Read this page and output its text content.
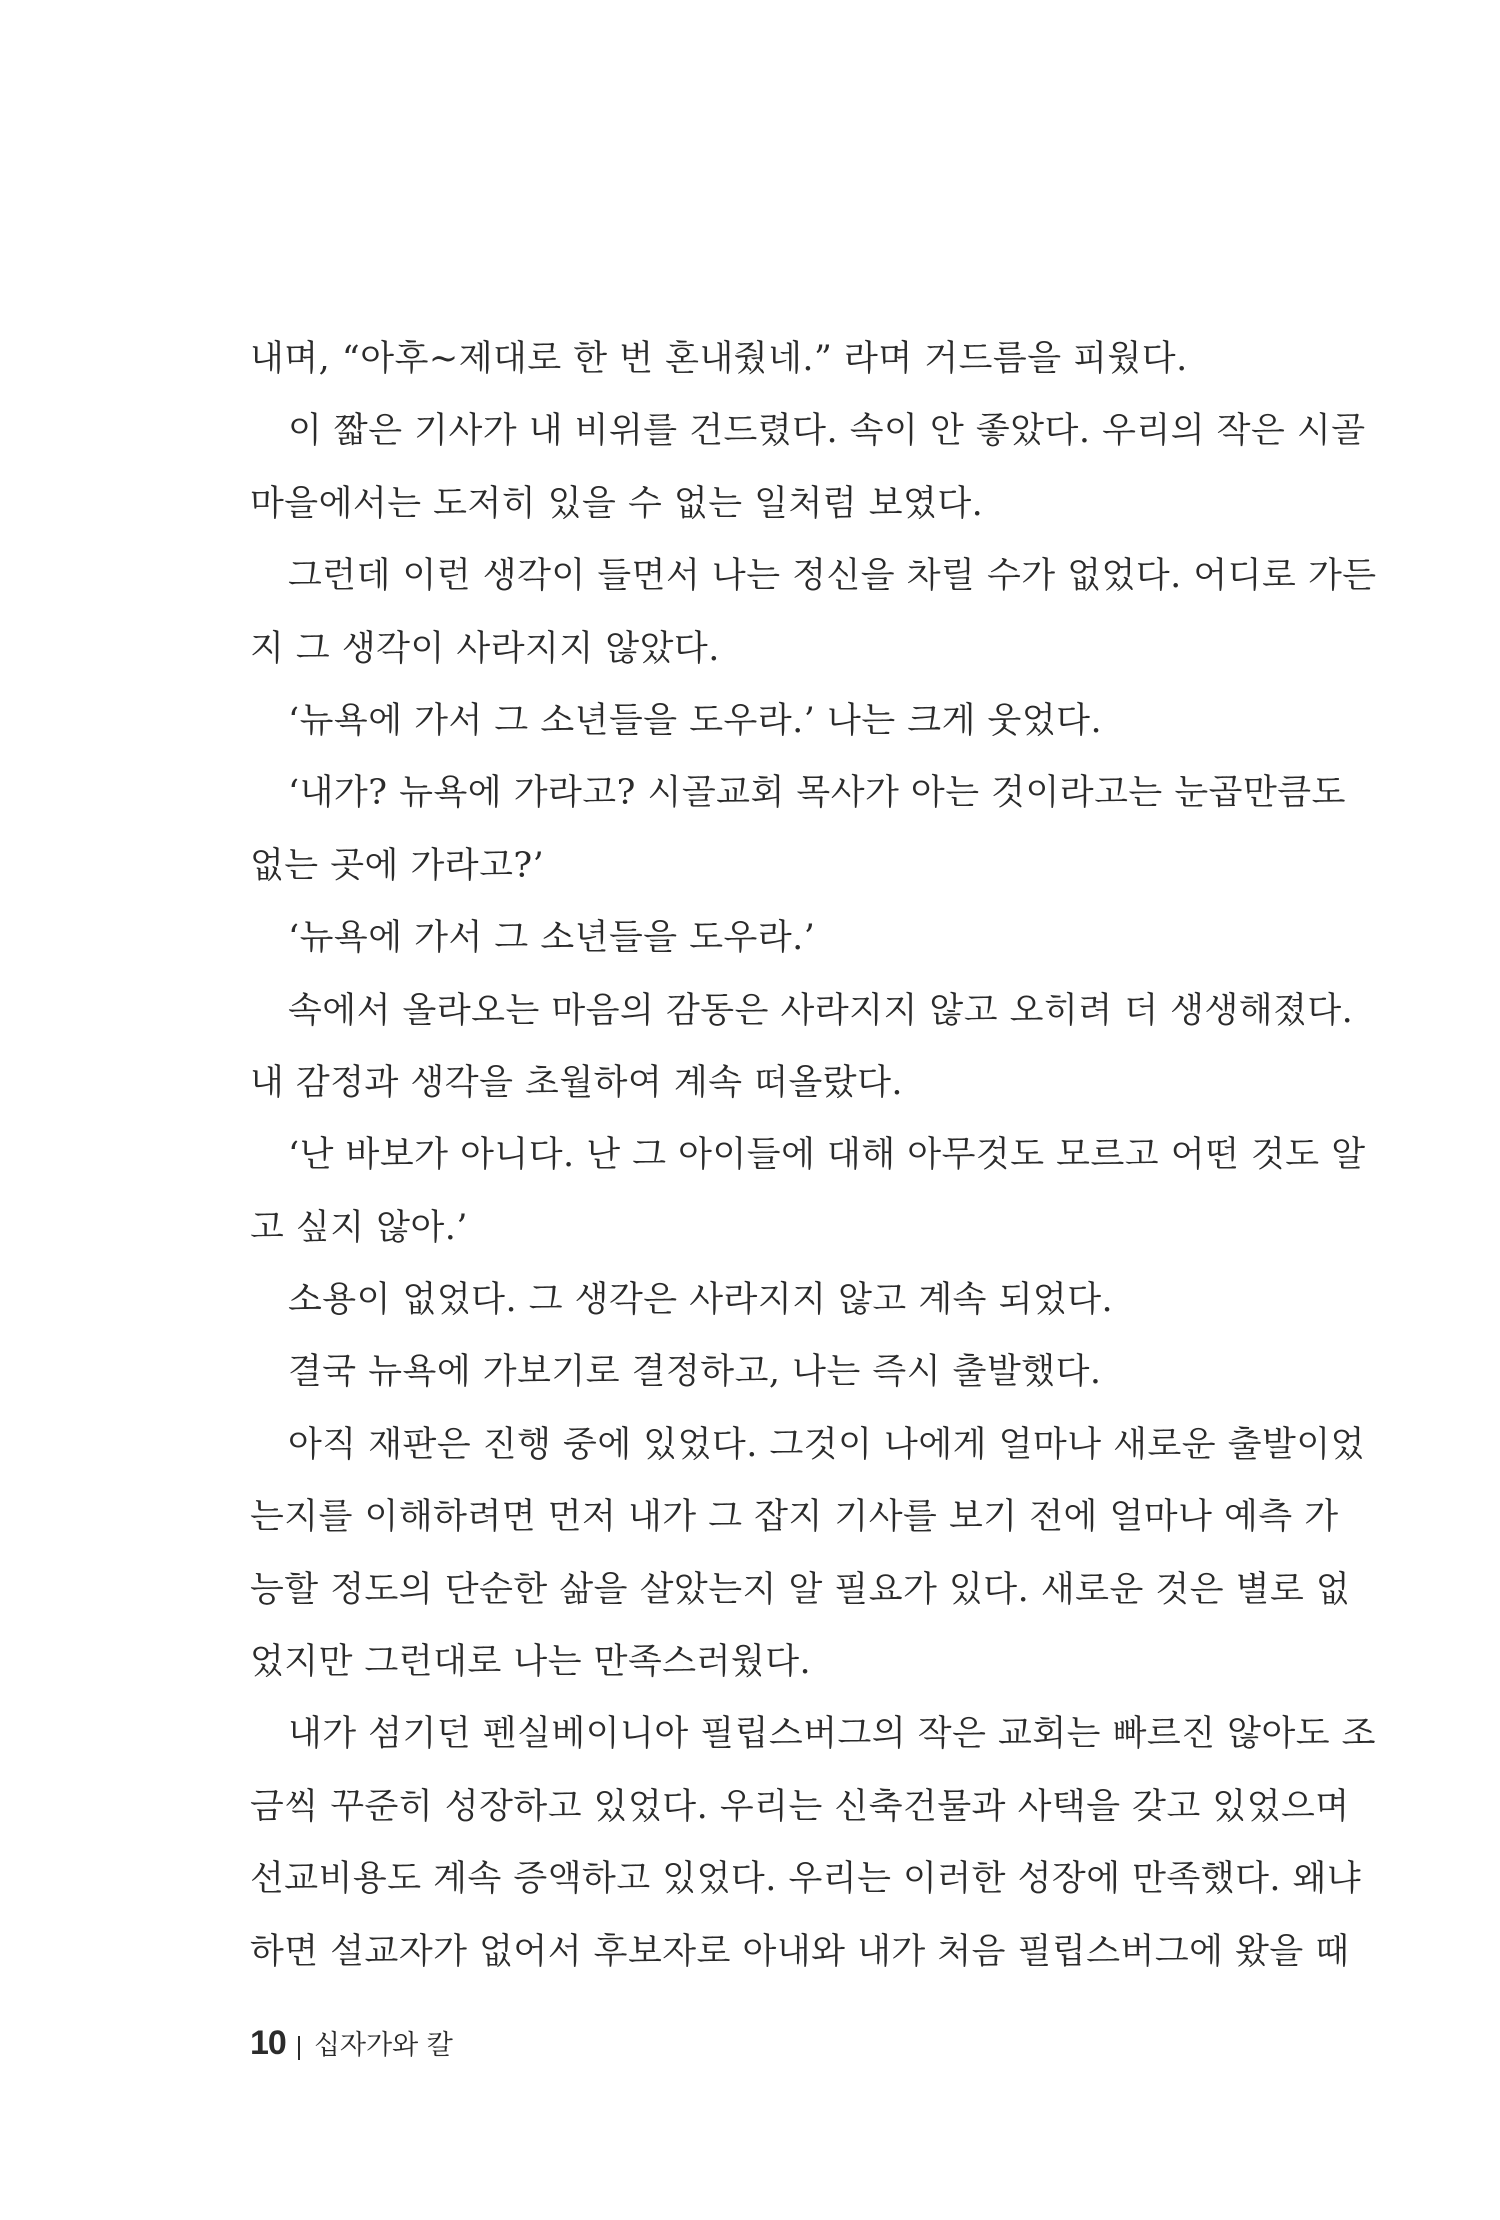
내며, “아후~제대로 한 번 혼내줬네.” 라며 거드름을 피웠다.
이 짧은 기사가 내 비위를 건드렸다. 속이 안 좋았다. 우리의 작은 시골
마을에서는 도저히 있을 수 없는 일처럼 보였다.
그런데 이런 생각이 들면서 나는 정신을 차릴 수가 없었다. 어디로 가든
지 그 생각이 사라지지 않았다.
‘뉴욕에 가서 그 소년들을 도우라.’ 나는 크게 웃었다.
‘내가? 뉴욕에 가라고? 시골교회 목사가 아는 것이라고는 눈곱만큼도
없는 곳에 가라고?’
‘뉴욕에 가서 그 소년들을 도우라.’
속에서 올라오는 마음의 감동은 사라지지 않고 오히려 더 생생해졌다.
내 감정과 생각을 초월하여 계속 떠올랐다.
‘난 바보가 아니다. 난 그 아이들에 대해 아무것도 모르고 어떤 것도 알
고 싶지 않아.’
소용이 없었다. 그 생각은 사라지지 않고 계속 되었다.
결국 뉴욕에 가보기로 결정하고, 나는 즉시 출발했다.
아직 재판은 진행 중에 있었다. 그것이 나에게 얼마나 새로운 출발이었
는지를 이해하려면 먼저 내가 그 잡지 기사를 보기 전에 얼마나 예측 가
능할 정도의 단순한 삶을 살았는지 알 필요가 있다. 새로운 것은 별로 없
었지만 그런대로 나는 만족스러웠다.
내가 섬기던 펜실베이니아 필립스버그의 작은 교회는 빠르진 않아도 조
금씩 꾸준히 성장하고 있었다. 우리는 신축건물과 사택을 갖고 있었으며
선교비용도 계속 증액하고 있었다. 우리는 이러한 성장에 만족했다. 왜냐
하면 설교자가 없어서 후보자로 아내와 내가 처음 필립스버그에 왔을 때
10 십자가와 칼
